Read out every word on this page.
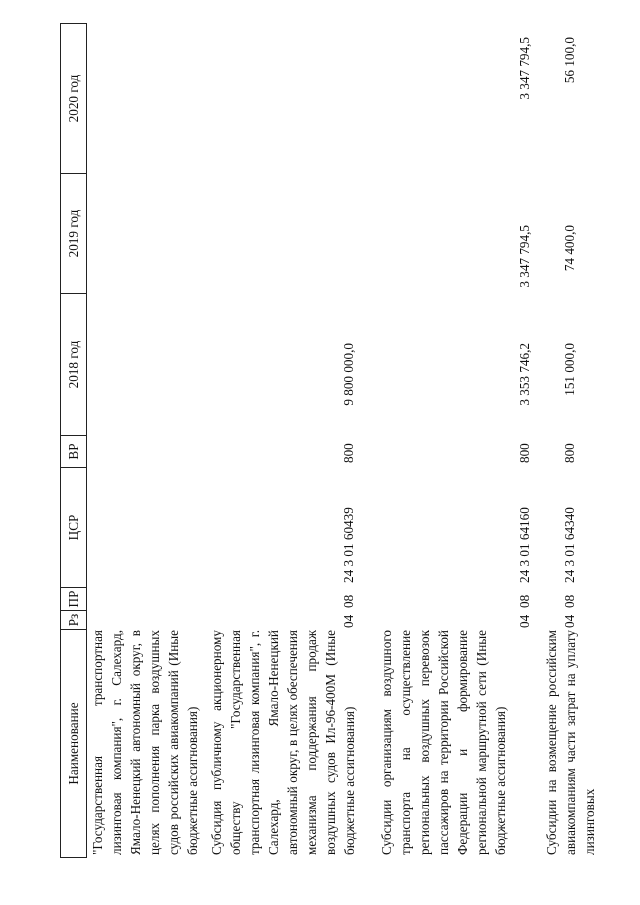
Наименование
Рз
ПР
ЦСР
ВР
2018 год
2019 год
2020 год
"Государственная транспортная лизинговая компания", г. Салехард, Ямало-Ненецкий автономный округ, в целях пополнения парка воздушных судов российских авиакомпаний (Иные бюджетные ассигнования) Субсидия публичному акционерному обществу "Государственная транспортная лизинговая компания", г. Салехард, Ямало-Ненецкий автономный округ, в целях обеспечения механизма поддержания продаж воздушных судов Ил-96-400М (Иные бюджетные ассигнования)
04
08
24 3 01 60439
800
9 800 000,0
Субсидии организациям воздушного транспорта на осуществление региональных воздушных перевозок пассажиров на территории Российской Федерации и формирование региональной маршрутной сети (Иные бюджетные ассигнования)
04
08
24 3 01 64160
800
3 353 746,2
3 347 794,5
3 347 794,5
Субсидии на возмещение российским авиакомпаниям части затрат на уплату лизинговых
04
08
24 3 01 64340
800
151 000,0
74 400,0
56 100,0
